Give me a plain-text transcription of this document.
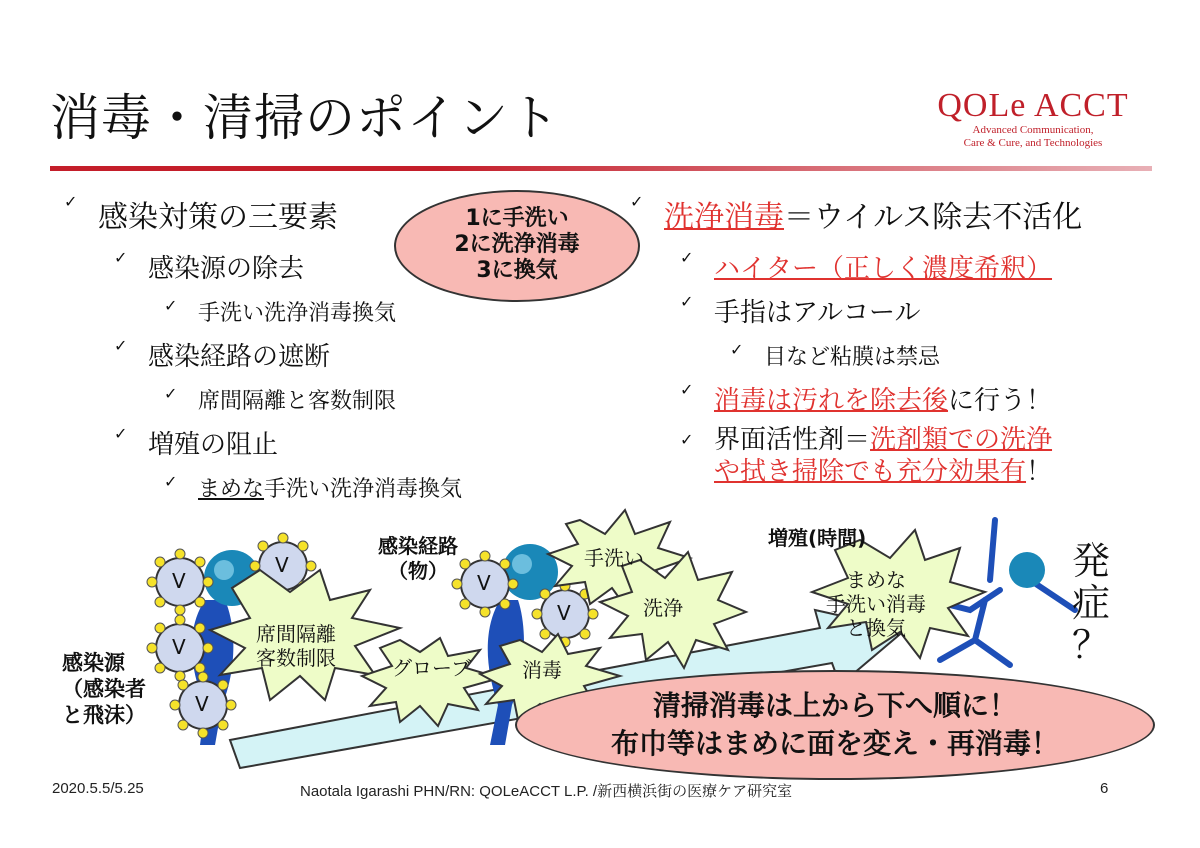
消毒・清掃のポイント	QOLe ACCT
Advanced Communication,
Care & Cure, and Technologies
✓ 感染対策の三要素
✓ 感染源の除去
✓ 手洗い洗浄消毒換気
✓ 感染経路の遮断
✓ 席間隔離と客数制限
✓ 増殖の阻止
✓ まめな手洗い洗浄消毒換気
1に手洗い
2に洗浄消毒
3に換気
✓ 洗浄消毒＝ウイルス除去不活化
✓ ハイター（正しく濃度希釈）
✓ 手指はアルコール
✓ 目など粘膜は禁忌
✓ 消毒は汚れを除去後に行う！
✓ 界面活性剤＝洗剤類での洗浄
や拭き掃除でも充分効果有！
感染源
（感染者
と飛沫）
感染経路
（物）
増殖(時間)
発
症
？
V
V
V
V
V
V
席間隔離
客数制限	グローブ	消毒
手洗い
洗浄
まめな
手洗い消毒
と換気
清掃消毒は上から下へ順に！
布巾等はまめに面を変え・再消毒！
2020.5.5/5.25	Naotala Igarashi PHN/RN: QOLeACCT L.P. /新西横浜街の医療ケア研究室	6
